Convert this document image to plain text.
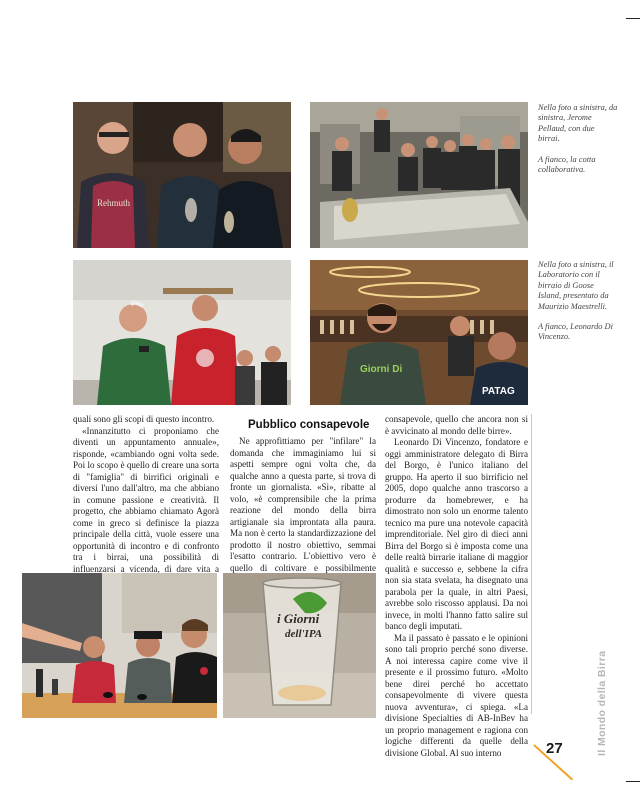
Rehmuth

Nella foto a sinistra, da sinistra, Jerome Pellaud, con due birrai.

A fianco, la cotta collaborativa.

Giorni Di
PATAG

Nella foto a sinistra, il Laboratorio con il birraio di Goose Island, presentato da Maurizio Maestrelli.

A fianco, Leonardo Di Vincenzo.

quali sono gli scopi di questo incontro.

«Innanzitutto ci proponiamo che diventi un appuntamento annuale», risponde, «cambiando ogni volta sede. Poi lo scopo è quello di creare una sorta di "famiglia" di birrifici originali e diversi l'uno dall'altro, ma che abbiano in comune passione e creatività. Il progetto, che abbiamo chiamato Agorà come in greco si definisce la piazza principale della città, vuole essere una opportunità di incontro e di confronto tra i birrai, una possibilità di influenzarsi a vicenda, di dare vita a

Pubblico consapevole

Ne approfittiamo per "infilare" la domanda che immaginiamo lui si aspetti sempre ogni volta che, da qualche anno a questa parte, si trova di fronte un giornalista. «Sì», ribatte al volo, «è comprensibile che la prima reazione del mondo della birra artigianale sia improntata alla paura. Ma non è certo la standardizzazione del prodotto il nostro obiettivo, semmai l'esatto contrario. L'obiettivo vero è quello di coltivare e possibilmente

consapevole, quello che ancora non si è avvicinato al mondo delle birre».

Leonardo Di Vincenzo, fondatore e oggi amministratore delegato di Birra del Borgo, è l'unico italiano del gruppo. Ha aperto il suo birrificio nel 2005, dopo qualche anno trascorso a produrre da homebrewer, e ha dimostrato non solo un enorme talento tecnico ma pure una notevole capacità imprenditoriale. Nel giro di dieci anni Birra del Borgo si è imposta come una delle realtà birrarie italiane di maggior qualità e successo e, sebbene la cifra non sia stata svelata, ha disegnato una parabola per la quale, in altri Paesi, avrebbe solo riscosso applausi. Da noi invece, in molti l'hanno fatto salire sul banco degli imputati.

Ma il passato è passato e le opinioni sono tali proprio perché sono diverse. A noi interessa capire come vive il presente e il prossimo futuro. «Molto bene direi perché ho accettato consapevolmente di vivere questa nuova avventura», ci spiega. «La divisione Specialties di AB-InBev ha un proprio management e ragiona con logiche differenti da quelle della divisione Global. Al suo interno

i Giorni
dell'IPA
27	Il Mondo della Birra
